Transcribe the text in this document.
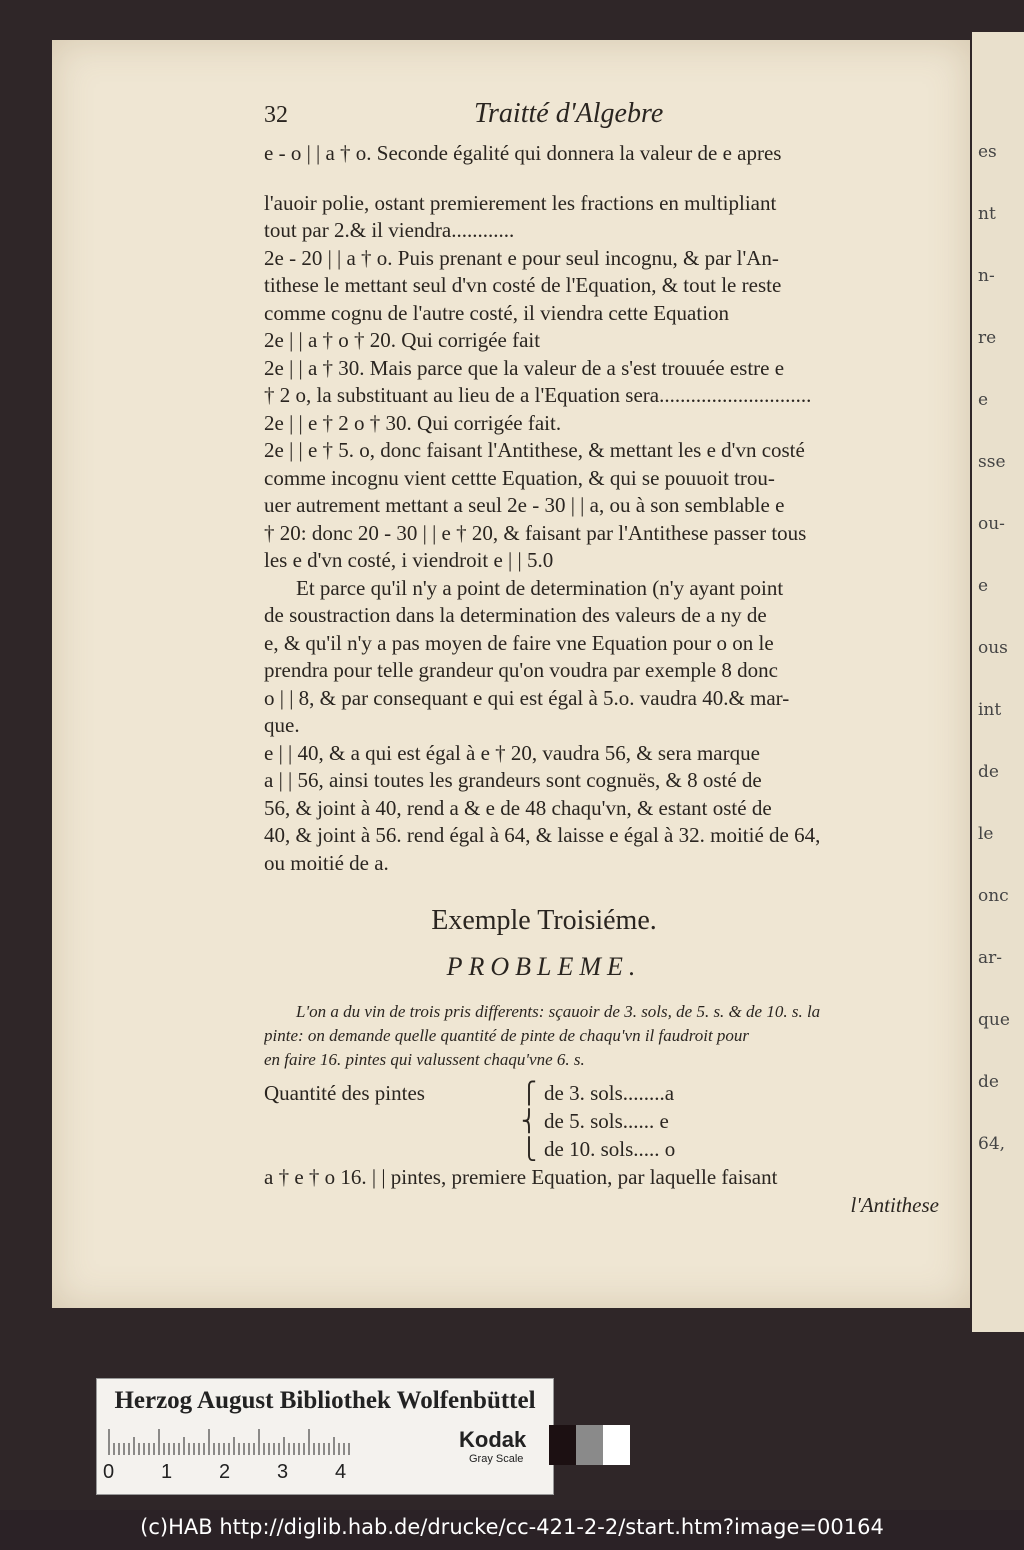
es
nt
n-
re
e
sse
ou-
e
ous
int
de
le
onc
ar-
que
de
64,
32	Traitté d'Algebre
e - o | | a † o. Seconde égalité qui donnera la valeur de e apres
l'auoir polie, ostant premierement les fractions en multipliant
tout par 2.& il viendra............
2e - 20 | | a † o. Puis prenant e pour seul incognu, & par l'An-
tithese le mettant seul d'vn costé de l'Equation, & tout le reste
comme cognu de l'autre costé, il viendra cette Equation
2e | | a † o † 20. Qui corrigée fait
2e | | a † 30. Mais parce que la valeur de a s'est trouuée estre e
† 2 o, la substituant au lieu de a l'Equation sera.............................
2e | | e † 2 o † 30. Qui corrigée fait.
2e | | e † 5. o, donc faisant l'Antithese, & mettant les e d'vn costé
comme incognu vient cettte Equation, & qui se pouuoit trou-
uer autrement mettant a seul 2e - 30 | | a, ou à son semblable e
† 20: donc 20 - 30 | | e † 20, & faisant par l'Antithese passer tous
les e d'vn costé, i viendroit e | | 5.0
Et parce qu'il n'y a point de determination (n'y ayant point
de soustraction dans la determination des valeurs de a ny de
e, & qu'il n'y a pas moyen de faire vne Equation pour o on le
prendra pour telle grandeur qu'on voudra par exemple 8 donc
o | | 8, & par consequant e qui est égal à 5.o. vaudra 40.& mar-
que.
e | | 40, & a qui est égal à e † 20, vaudra 56, & sera marque
a | | 56, ainsi toutes les grandeurs sont cognuës, & 8 osté de
56, & joint à 40, rend a & e de 48 chaqu'vn, & estant osté de
40, & joint à 56. rend égal à 64, & laisse e égal à 32. moitié de 64,
ou moitié de a.
Exemple Troisiéme.
PROBLEME.
L'on a du vin de trois pris differents: sçauoir de 3. sols, de 5. s. & de 10. s. la
pinte: on demande quelle quantité de pinte de chaqu'vn il faudroit pour
en faire 16. pintes qui valussent chaqu'vne 6. s.
Quantité des pintes	⎧ de 3. sols........a
⎨ de 5. sols...... e
⎩ de 10. sols..... o
a † e † o 16. | | pintes, premiere Equation, par laquelle faisant
l'Antithese
Herzog August Bibliothek Wolfenbüttel
0 1 2 3 4
Kodak
Gray Scale
(c)HAB http://diglib.hab.de/drucke/cc-421-2-2/start.htm?image=00164
